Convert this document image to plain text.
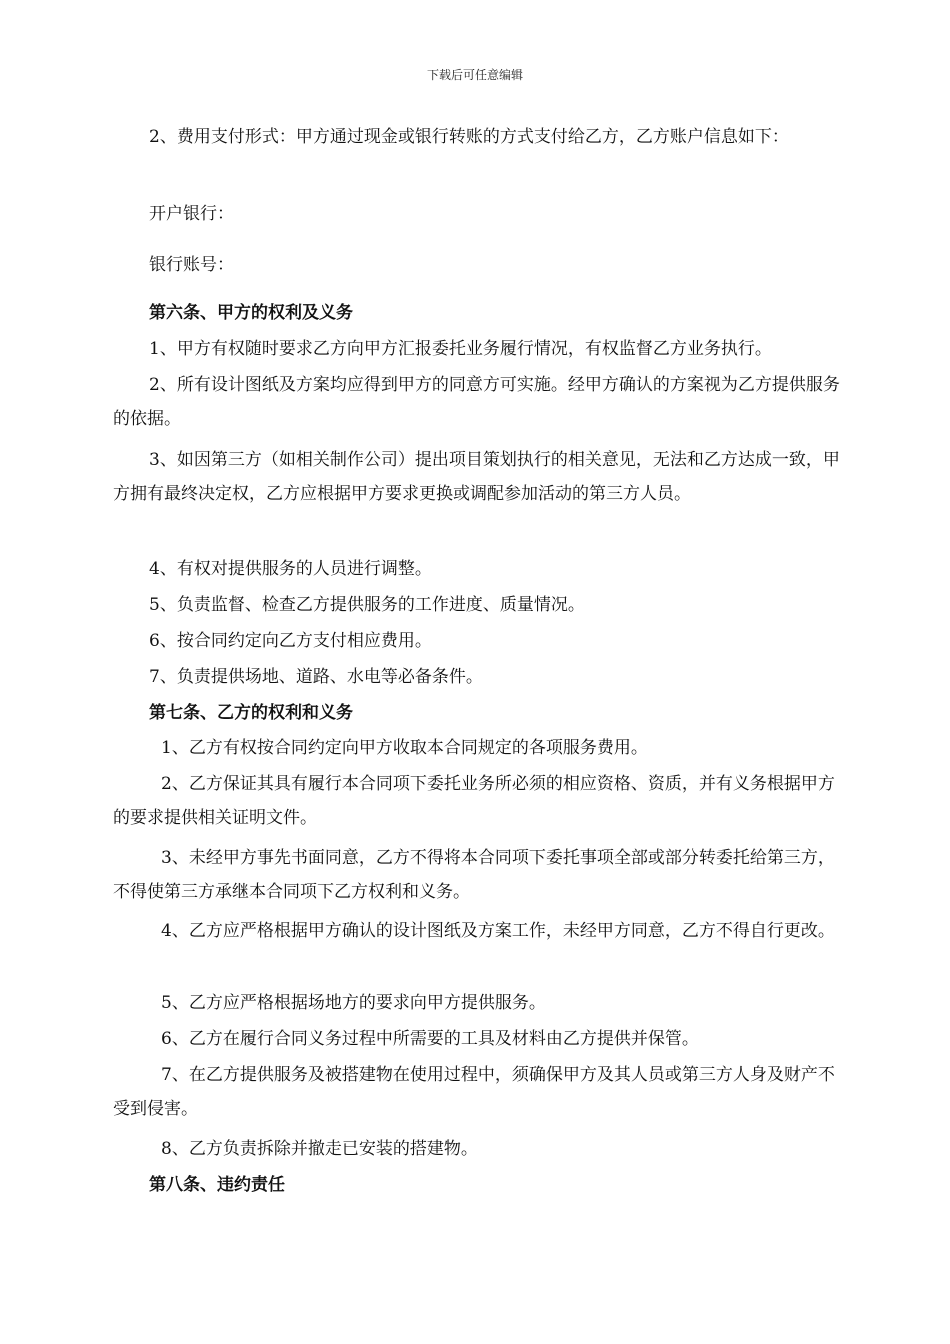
下载后可任意编辑

2、费用支付形式：甲方通过现金或银行转账的方式支付给乙方，乙方账户信息如下：

开户银行：

银行账号：

第六条、甲方的权利及义务

1、甲方有权随时要求乙方向甲方汇报委托业务履行情况，有权监督乙方业务执行。

2、所有设计图纸及方案均应得到甲方的同意方可实施。经甲方确认的方案视为乙方提供服务的依据。

3、如因第三方（如相关制作公司）提出项目策划执行的相关意见，无法和乙方达成一致，甲方拥有最终决定权，乙方应根据甲方要求更换或调配参加活动的第三方人员。

4、有权对提供服务的人员进行调整。

5、负责监督、检查乙方提供服务的工作进度、质量情况。

6、按合同约定向乙方支付相应费用。

7、负责提供场地、道路、水电等必备条件。

第七条、乙方的权利和义务

1、乙方有权按合同约定向甲方收取本合同规定的各项服务费用。

2、乙方保证其具有履行本合同项下委托业务所必须的相应资格、资质，并有义务根据甲方的要求提供相关证明文件。

3、未经甲方事先书面同意，乙方不得将本合同项下委托事项全部或部分转委托给第三方，不得使第三方承继本合同项下乙方权利和义务。

4、乙方应严格根据甲方确认的设计图纸及方案工作，未经甲方同意，乙方不得自行更改。

5、乙方应严格根据场地方的要求向甲方提供服务。

6、乙方在履行合同义务过程中所需要的工具及材料由乙方提供并保管。

7、在乙方提供服务及被搭建物在使用过程中，须确保甲方及其人员或第三方人身及财产不受到侵害。

8、乙方负责拆除并撤走已安装的搭建物。

第八条、违约责任
